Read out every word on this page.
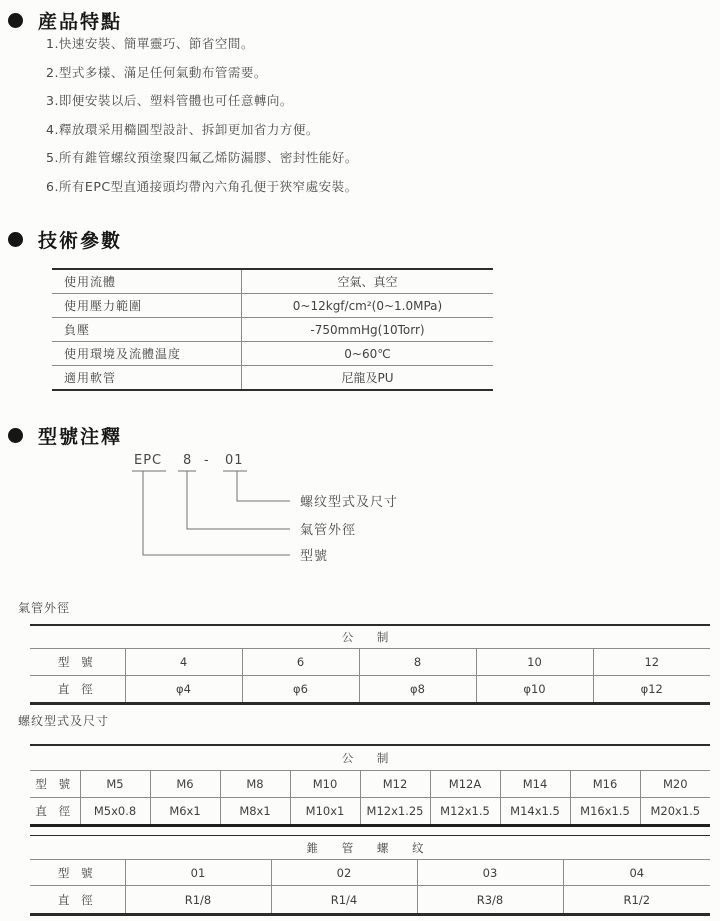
産品特點
1.快速安裝、簡單靈巧、節省空間。
2.型式多樣、滿足任何氣動布管需要。
3.即便安裝以后、塑料管體也可任意轉向。
4.釋放環采用橢圓型設計、拆卸更加省力方便。
5.所有錐管螺纹預塗聚四氟乙烯防漏膠、密封性能好。
6.所有EPC型直通接頭均帶內六角孔便于狹窄處安裝。
技術參數
使用流體	空氣、真空
使用壓力範圍	0~12kgf/cm²(0~1.0MPa)
負壓	-750mmHg(10Torr)
使用環境及流體温度	0~60℃
適用軟管	尼龍及PU
型號注釋
EPC 8 - 01
螺纹型式及尺寸
氣管外徑
型號
氣管外徑
公 制					
型 號	4	6	8	10	12
直 徑	φ4	φ6	φ8	φ10	φ12
螺纹型式及尺寸
公 制									
型 號	M5	M6	M8	M10	M12	M12A	M14	M16	M20
直 徑	M5x0.8	M6x1	M8x1	M10x1	M12x1.25	M12x1.5	M14x1.5	M16x1.5	M20x1.5
錐 管 螺 纹				
型 號	01	02	03	04
直 徑	R1/8	R1/4	R3/8	R1/2
